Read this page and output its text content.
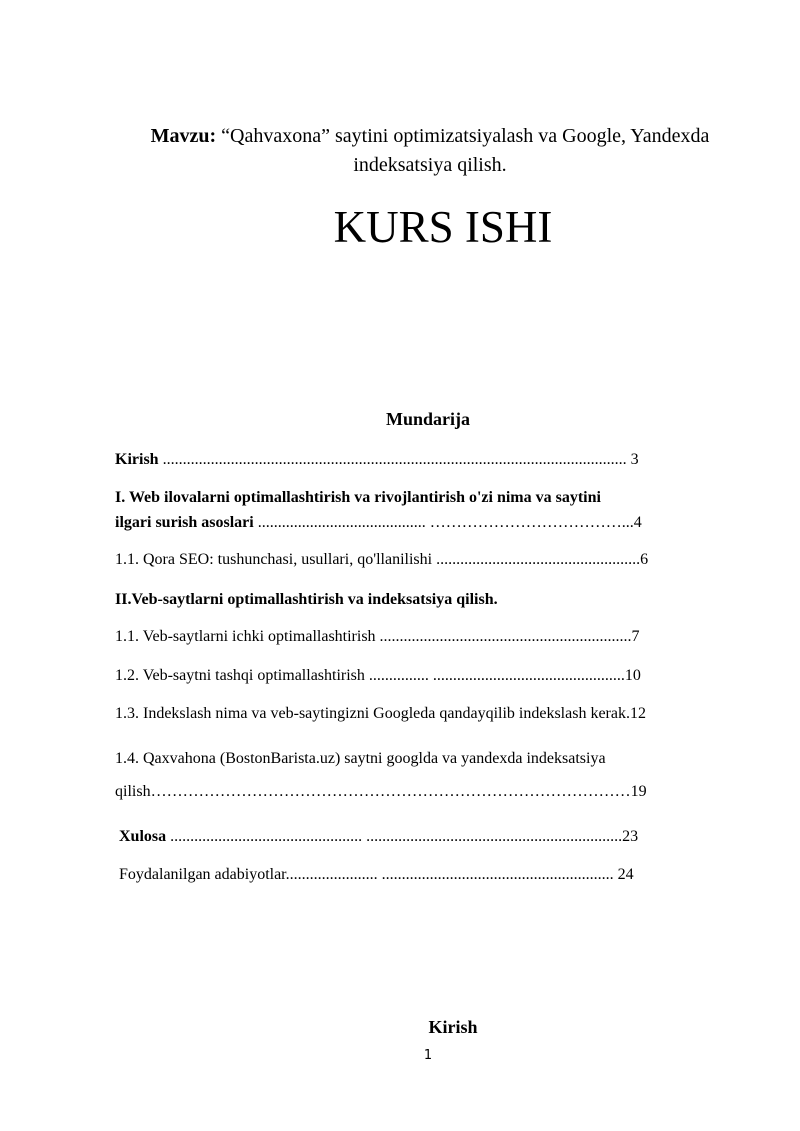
Mavzu: “Qahvaxona” saytini optimizatsiyalash va Google, Yandexda indeksatsiya qilish.
KURS ISHI
Mundarija
Kirish .................................................................................................................... 3
I. Web ilovalarni optimallashtirish va rivojlantirish o'zi nima va saytini
ilgari surish asoslari .......................................... ………………………………...4
1.1. Qora SEO: tushunchasi, usullari, qo'llanilishi ...................................................6
II.Veb-saytlarni optimallashtirish va indeksatsiya qilish.
1.1. Veb-saytlarni ichki optimallashtirish ...............................................................7
1.2. Veb-saytni tashqi optimallashtirish ............... ................................................10
1.3. Indekslash nima va veb-saytingizni Googleda qandayqilib indekslash kerak.12
1.4. Qaxvahona (BostonBarista.uz) saytni googlda va yandexda indeksatsiya
qilish………………………………………………………………………………19
Xulosa ................................................ ................................................................23
Foydalanilgan adabiyotlar....................... .......................................................... 24
Kirish
1
